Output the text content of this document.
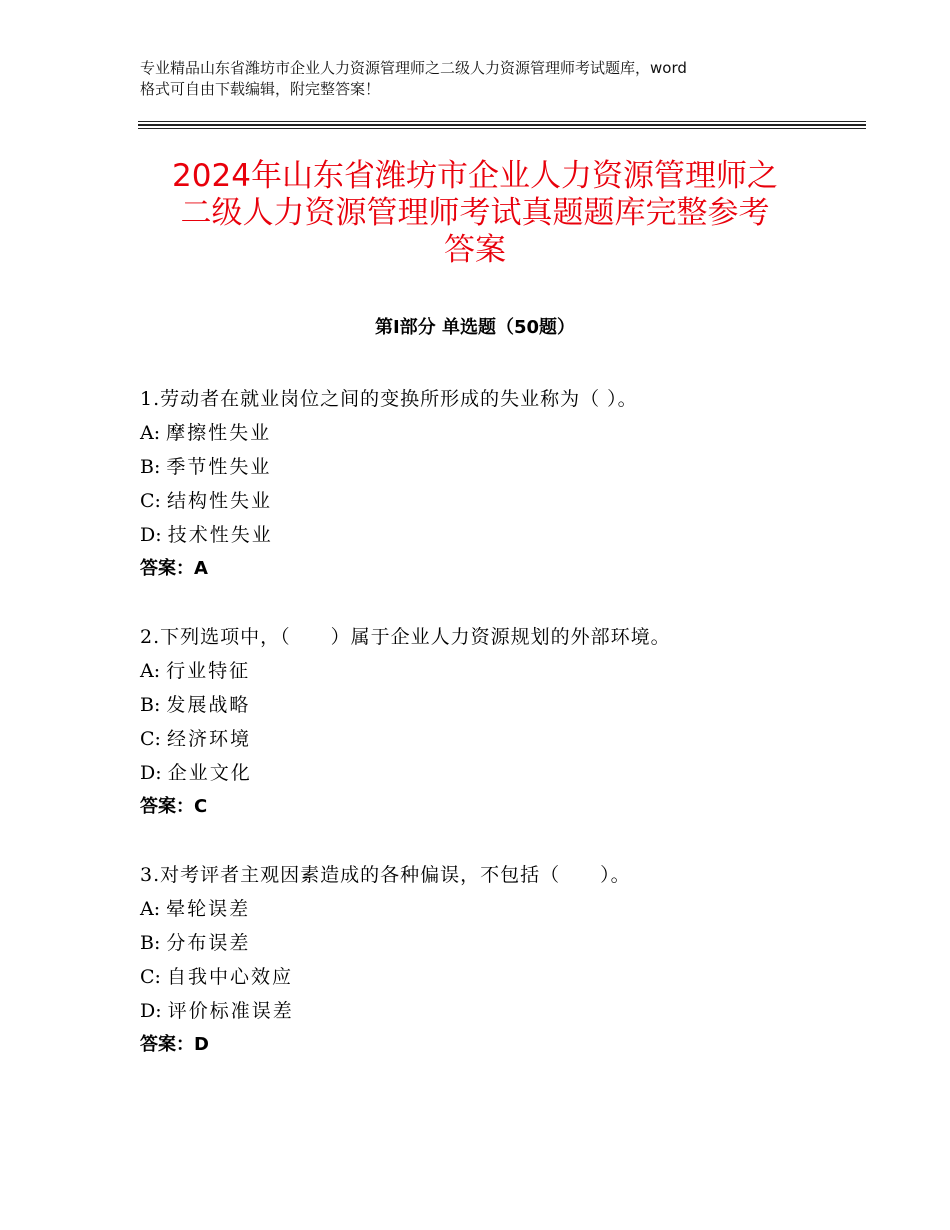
专业精品山东省潍坊市企业人力资源管理师之二级人力资源管理师考试题库，word
格式可自由下载编辑，附完整答案！
2024年山东省潍坊市企业人力资源管理师之
二级人力资源管理师考试真题题库完整参考
答案
第Ⅰ部分 单选题（50题）
1.劳动者在就业岗位之间的变换所形成的失业称为（ ）。
A: 摩擦性失业
B: 季节性失业
C: 结构性失业
D: 技术性失业
答案：A
2.下列选项中，（　　）属于企业人力资源规划的外部环境。
A: 行业特征
B: 发展战略
C: 经济环境
D: 企业文化
答案：C
3.对考评者主观因素造成的各种偏误，不包括（　　）。
A: 晕轮误差
B: 分布误差
C: 自我中心效应
D: 评价标准误差
答案：D
